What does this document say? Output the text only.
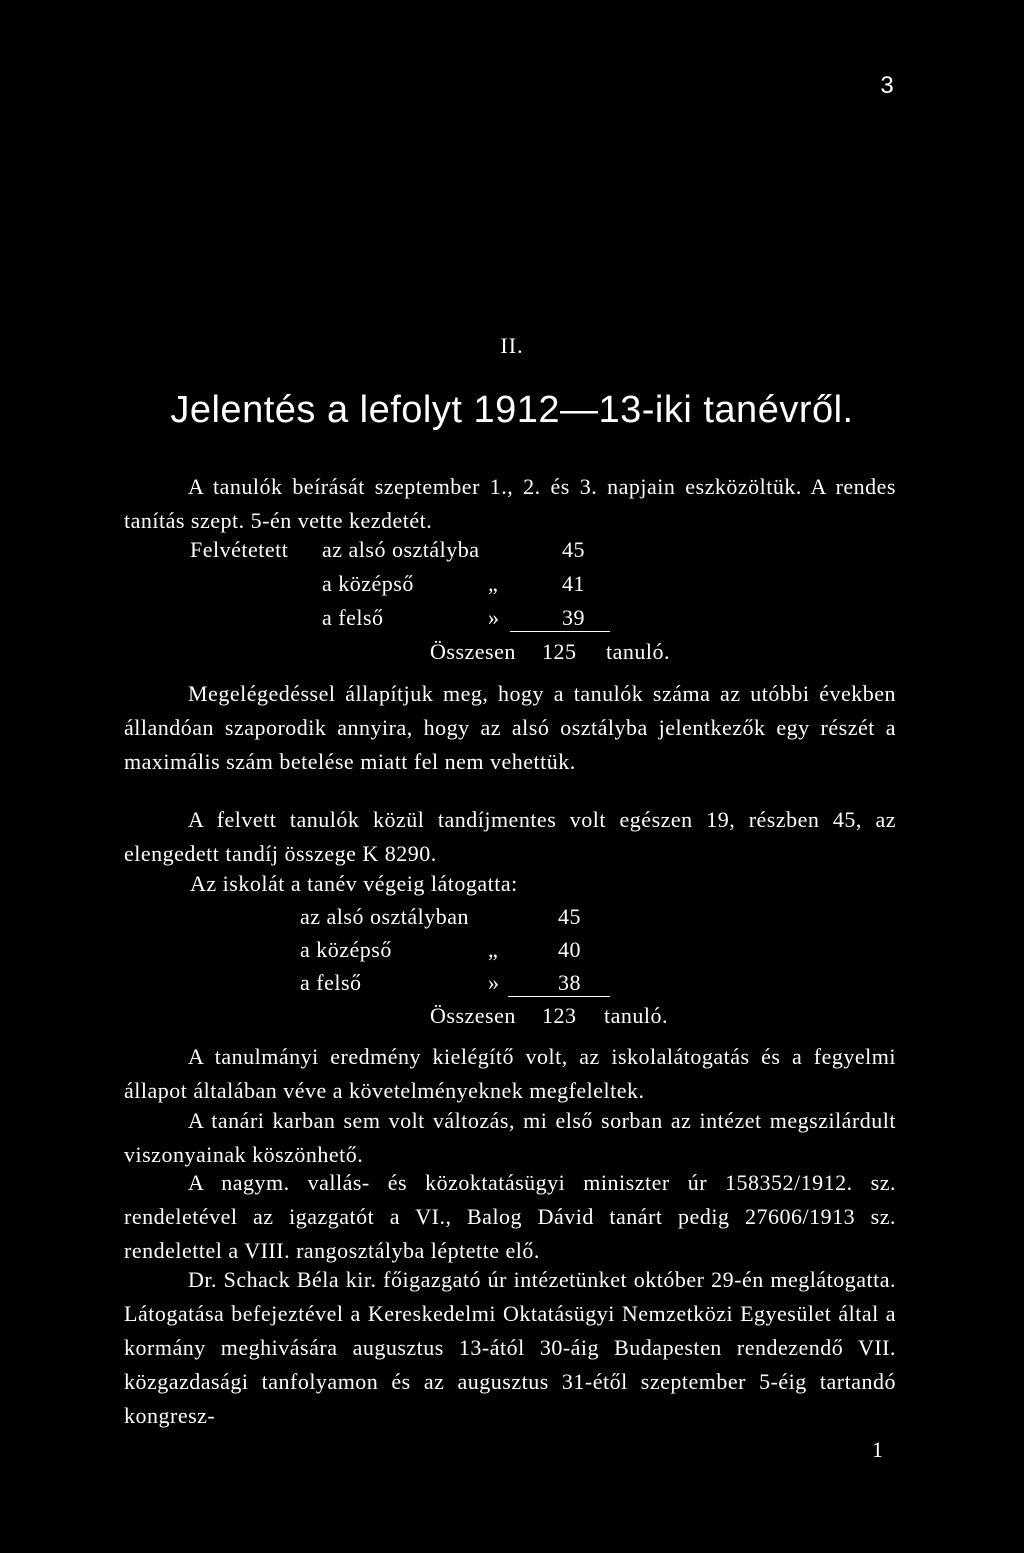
3
II.
Jelentés a lefolyt 1912—13-iki tanévről.

A tanulók beírását szeptember 1., 2. és 3. napjain eszközöltük. A rendes tanítás szept. 5-én vette kezdetét.

Felvétetett az alsó osztályba	45
a középső	„	41
a felső	»	39
Összesen 125 tanuló.

Megelégedéssel állapítjuk meg, hogy a tanulók száma az utóbbi években állandóan szaporodik annyira, hogy az alsó osztályba jelentkezők egy részét a maximális szám betelése miatt fel nem vehettük.

A felvett tanulók közül tandíjmentes volt egészen 19, részben 45, az elengedett tandíj összege K 8290.

Az iskolát a tanév végeig látogatta:
az alsó osztályban	45
a középső	„	40
a felső	»	38
Összesen 123 tanuló.

A tanulmányi eredmény kielégítő volt, az iskolalátogatás és a fegyelmi állapot általában véve a követelményeknek megfeleltek.

A tanári karban sem volt változás, mi első sorban az intézet megszilárdult viszonyainak köszönhető.

A nagym. vallás- és közoktatásügyi miniszter úr 158352/1912. sz. rendeletével az igazgatót a VI., Balog Dávid tanárt pedig 27606/1913 sz. rendelettel a VIII. rangosztályba léptette elő.

Dr. Schack Béla kir. főigazgató úr intézetünket október 29-én meglátogatta. Látogatása befejeztével a Kereskedelmi Oktatásügyi Nemzetközi Egyesület által a kormány meghivására augusztus 13-ától 30-áig Budapesten rendezendő VII. közgazdasági tanfolyamon és az augusztus 31-étől szeptember 5-éig tartandó kongresz-

1
